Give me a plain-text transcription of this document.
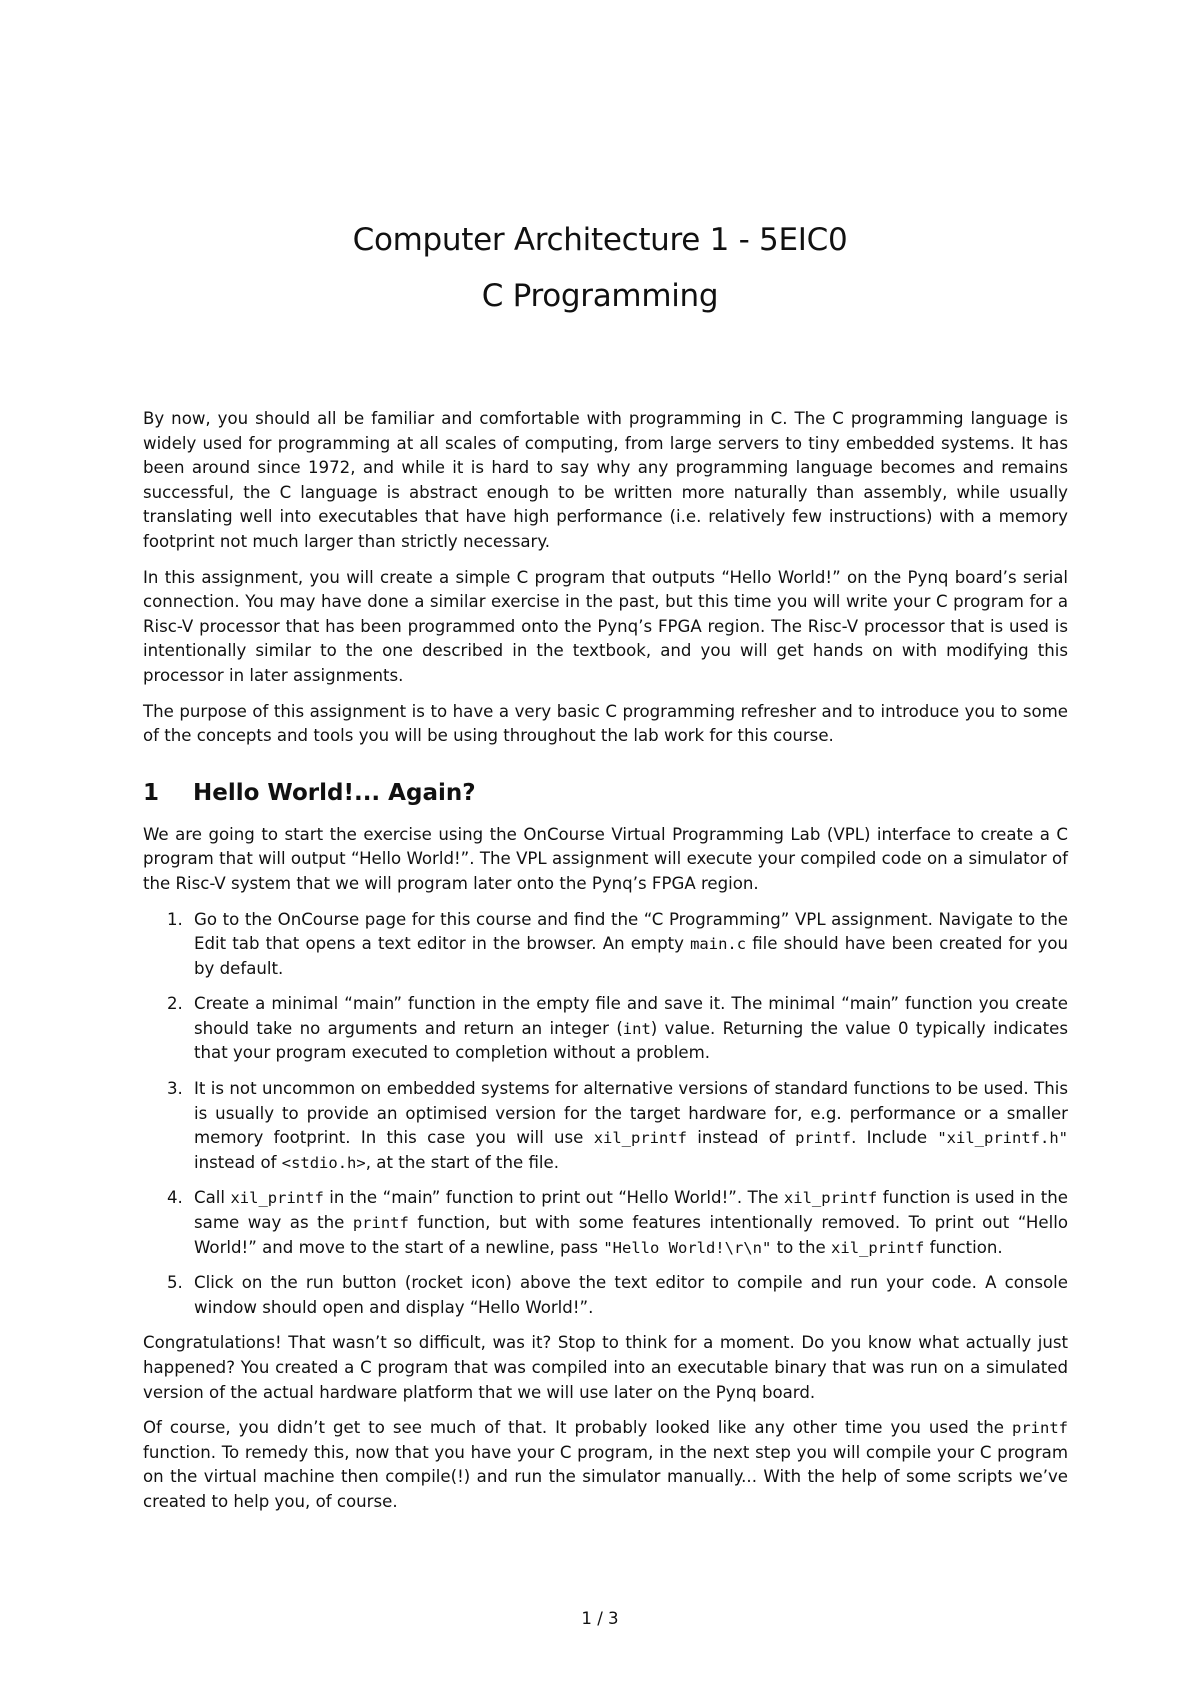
Computer Architecture 1 - 5EIC0
C Programming

By now, you should all be familiar and comfortable with programming in C. The C programming language is widely used for programming at all scales of computing, from large servers to tiny embedded systems. It has been around since 1972, and while it is hard to say why any programming language becomes and remains successful, the C language is abstract enough to be written more naturally than assembly, while usually translating well into executables that have high performance (i.e. relatively few instructions) with a memory footprint not much larger than strictly necessary.

In this assignment, you will create a simple C program that outputs “Hello World!” on the Pynq board’s serial connection. You may have done a similar exercise in the past, but this time you will write your C program for a Risc-V processor that has been programmed onto the Pynq’s FPGA region. The Risc-V processor that is used is intentionally similar to the one described in the textbook, and you will get hands on with modifying this processor in later assignments.

The purpose of this assignment is to have a very basic C programming refresher and to introduce you to some of the concepts and tools you will be using throughout the lab work for this course.

1 Hello World!... Again?

We are going to start the exercise using the OnCourse Virtual Programming Lab (VPL) interface to create a C program that will output “Hello World!”. The VPL assignment will execute your compiled code on a simulator of the Risc-V system that we will program later onto the Pynq’s FPGA region.

1. Go to the OnCourse page for this course and find the “C Programming” VPL assignment. Navigate to the Edit tab that opens a text editor in the browser. An empty main.c file should have been created for you by default.
2. Create a minimal “main” function in the empty file and save it. The minimal “main” function you create should take no arguments and return an integer (int) value. Returning the value 0 typically indicates that your program executed to completion without a problem.
3. It is not uncommon on embedded systems for alternative versions of standard functions to be used. This is usually to provide an optimised version for the target hardware for, e.g. performance or a smaller memory footprint. In this case you will use xil_printf instead of printf. Include "xil_printf.h" instead of <stdio.h>, at the start of the file.
4. Call xil_printf in the “main” function to print out “Hello World!”. The xil_printf function is used in the same way as the printf function, but with some features intentionally removed. To print out “Hello World!” and move to the start of a newline, pass "Hello World!\r\n" to the xil_printf function.
5. Click on the run button (rocket icon) above the text editor to compile and run your code. A console window should open and display “Hello World!”.

Congratulations! That wasn’t so difficult, was it? Stop to think for a moment. Do you know what actually just happened? You created a C program that was compiled into an executable binary that was run on a simulated version of the actual hardware platform that we will use later on the Pynq board.

Of course, you didn’t get to see much of that. It probably looked like any other time you used the printf function. To remedy this, now that you have your C program, in the next step you will compile your C program on the virtual machine then compile(!) and run the simulator manually... With the help of some scripts we’ve created to help you, of course.

1 / 3
